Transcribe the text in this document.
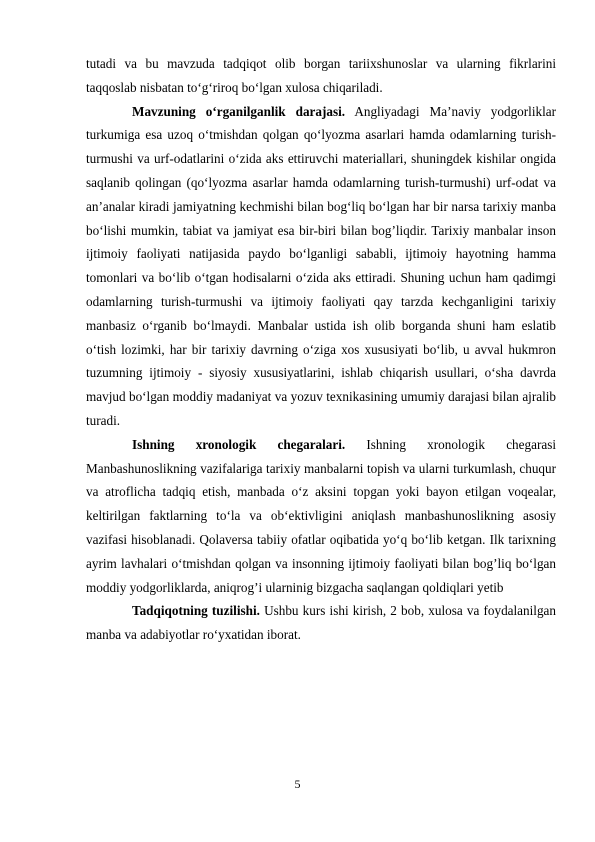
tutadi va bu mavzuda tadqiqot olib borgan tariixshunoslar va ularning fikrlarini taqqoslab nisbatan to‘g‘riroq bo‘lgan xulosa chiqariladi.

Mavzuning o‘rganilganlik darajasi. Angliyadagi Ma’naviy yodgorliklar turkumiga esa uzoq o‘tmishdan qolgan qo‘lyozma asarlari hamda odamlarning turish-turmushi va urf-odatlarini o‘zida aks ettiruvchi materiallari, shuningdek kishilar ongida saqlanib qolingan (qo‘lyozma asarlar hamda odamlarning turish-turmushi) urf-odat va an’analar kiradi jamiyatning kechmishi bilan bog‘liq bo‘lgan har bir narsa tarixiy manba bo‘lishi mumkin, tabiat va jamiyat esa bir-biri bilan bog’liqdir. Tarixiy manbalar inson ijtimoiy faoliyati natijasida paydo bo‘lganligi sababli, ijtimoiy hayotning hamma tomonlari va bo‘lib o‘tgan hodisalarni o‘zida aks ettiradi. Shuning uchun ham qadimgi odamlarning turish-turmushi va ijtimoiy faoliyati qay tarzda kechganligini tarixiy manbasiz o‘rganib bo‘lmaydi. Manbalar ustida ish olib borganda shuni ham eslatib o‘tish lozimki, har bir tarixiy davrning o‘ziga xos xususiyati bo‘lib, u avval hukmron tuzumning ijtimoiy - siyosiy xususiyatlarini, ishlab chiqarish usullari, o‘sha davrda mavjud bo‘lgan moddiy madaniyat va yozuv texnikasining umumiy darajasi bilan ajralib turadi.

Ishning xronologik chegaralari. Ishning xronologik chegarasi Manbashunoslikning vazifalariga tarixiy manbalarni topish va ularni turkumlash, chuqur va atroflicha tadqiq etish, manbada o‘z aksini topgan yoki bayon etilgan voqealar, keltirilgan faktlarning to‘la va ob‘ektivligini aniqlash manbashunoslikning asosiy vazifasi hisoblanadi. Qolaversa tabiiy ofatlar oqibatida yo‘q bo‘lib ketgan. Ilk tarixning ayrim lavhalari o‘tmishdan qolgan va insonning ijtimoiy faoliyati bilan bog’liq bo‘lgan moddiy yodgorliklarda, aniqrog’i ularninig bizgacha saqlangan qoldiqlari yetib

Tadqiqotning tuzilishi. Ushbu kurs ishi kirish, 2 bob, xulosa va foydalanilgan manba va adabiyotlar ro‘yxatidan iborat.

5
